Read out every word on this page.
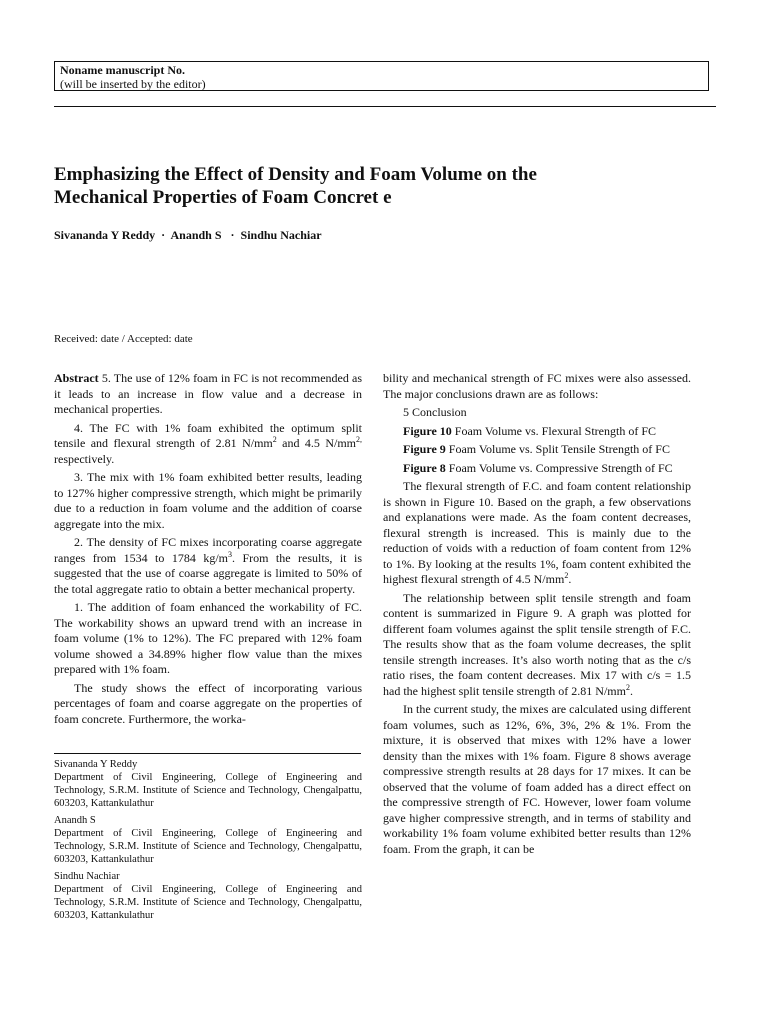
Noname manuscript No.
(will be inserted by the editor)
Emphasizing the Effect of Density and Foam Volume on the
Mechanical Properties of Foam Concret e
Sivananda Y Reddy  ·  Anandh S   ·  Sindhu Nachiar
Received: date / Accepted: date

Abstract 5. The use of 12% foam in FC is not recommended as it leads to an increase in flow value and a decrease in mechanical properties.

4. The FC with 1% foam exhibited the optimum split tensile and flexural strength of 2.81 $N/mm^2$ and 4.5 $N/mm^{2,}$ respectively.

3. The mix with 1% foam exhibited better results, leading to 127% higher compressive strength, which might be primarily due to a reduction in foam volume and the addition of coarse aggregate into the mix.

2. The density of FC mixes incorporating coarse aggregate ranges from 1534 to 1784 $kg/m^3$. From the results, it is suggested that the use of coarse aggregate is limited to 50% of the total aggregate ratio to obtain a better mechanical property.

1. The addition of foam enhanced the workability of FC. The workability shows an upward trend with an increase in foam volume (1% to 12%). The FC prepared with 12% foam volume showed a 34.89% higher flow value than the mixes prepared with 1% foam.

The study shows the effect of incorporating various percentages of foam and coarse aggregate on the properties of foam concrete. Furthermore, the worka-

Sivananda Y Reddy
Department of Civil Engineering, College of Engineering and Technology, S.R.M. Institute of Science and Technology, Chengalpattu, 603203, Kattankulathur
Anandh S
Department of Civil Engineering, College of Engineering and Technology, S.R.M. Institute of Science and Technology, Chengalpattu, 603203, Kattankulathur
Sindhu Nachiar
Department of Civil Engineering, College of Engineering and Technology, S.R.M. Institute of Science and Technology, Chengalpattu, 603203, Kattankulathur

bility and mechanical strength of FC mixes were also assessed. The major conclusions drawn are as follows:

5 Conclusion

Figure 10 Foam Volume vs. Flexural Strength of FC

Figure 9 Foam Volume vs. Split Tensile Strength of FC

Figure 8 Foam Volume vs. Compressive Strength of FC

The flexural strength of F.C. and foam content relationship is shown in Figure 10. Based on the graph, a few observations and explanations were made. As the foam content decreases, flexural strength is increased. This is mainly due to the reduction of voids with a reduction of foam content from 12% to 1%. By looking at the results 1%, foam content exhibited the highest flexural strength of 4.5 $N/mm^2$.

The relationship between split tensile strength and foam content is summarized in Figure 9. A graph was plotted for different foam volumes against the split tensile strength of F.C. The results show that as the foam volume decreases, the split tensile strength increases. It’s also worth noting that as the c/s ratio rises, the foam content decreases. Mix 17 with c/s = 1.5 had the highest split tensile strength of 2.81 $N/mm^2$.

In the current study, the mixes are calculated using different foam volumes, such as 12%, 6%, 3%, 2% & 1%. From the mixture, it is observed that mixes with 12% have a lower density than the mixes with 1% foam. Figure 8 shows average compressive strength results at 28 days for 17 mixes. It can be observed that the volume of foam added has a direct effect on the compressive strength of FC. However, lower foam volume gave higher compressive strength, and in terms of stability and workability 1% foam volume exhibited better results than 12% foam. From the graph, it can be
